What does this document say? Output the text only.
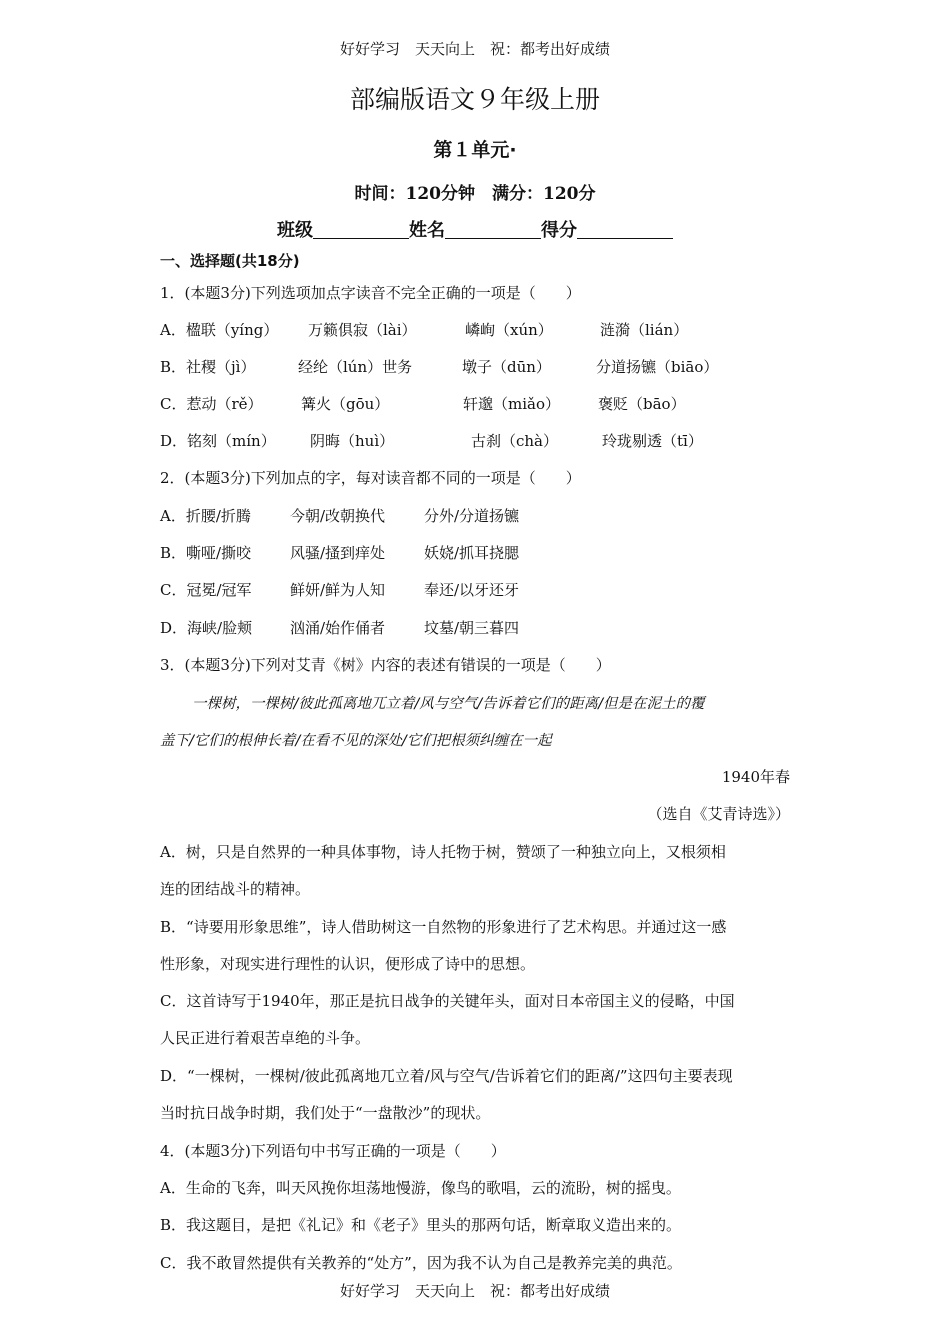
好好学习　天天向上　祝：都考出好成绩
部编版语文９年级上册
第１单元·
时间：120分钟　满分：120分
班级	姓名	得分
一、选择题(共18分)
1．(本题3分)下列选项加点字读音不完全正确的一项是（　　）
A．楹联（yíng） 万籁俱寂（lài）	嶙峋（xún）	涟漪（lián）
B．社稷（jì）	经纶（lún）世务	墩子（dūn）	分道扬镳（biāo）
C．惹动（rě）	篝火（gōu）	轩邈（miǎo）	褒贬（bāo）
D．铭刻（mín） 阴晦（huì）	古刹（chà）	玲珑剔透（tī）
2．(本题3分)下列加点的字，每对读音都不同的一项是（　　）
A．折腰/折腾	今朝/改朝换代	分外/分道扬镳
B．嘶哑/撕咬	风骚/搔到痒处	妖娆/抓耳挠腮
C．冠冕/冠军	鲜妍/鲜为人知	奉还/以牙还牙
D．海峡/脸颊	汹涌/始作俑者	坟墓/朝三暮四
3．(本题3分)下列对艾青《树》内容的表述有错误的一项是（　　）
一棵树，一棵树/彼此孤离地兀立着/风与空气/告诉着它们的距离/但是在泥土的覆
盖下/它们的根伸长着/在看不见的深处/它们把根须纠缠在一起
1940年春
（选自《艾青诗选》）
A．树，只是自然界的一种具体事物，诗人托物于树，赞颂了一种独立向上，又根须相
连的团结战斗的精神。
B．“诗要用形象思维”，诗人借助树这一自然物的形象进行了艺术构思。并通过这一感
性形象，对现实进行理性的认识，便形成了诗中的思想。
C．这首诗写于1940年，那正是抗日战争的关键年头，面对日本帝国主义的侵略，中国
人民正进行着艰苦卓绝的斗争。
D．“一棵树，一棵树/彼此孤离地兀立着/风与空气/告诉着它们的距离/”这四句主要表现
当时抗日战争时期，我们处于“一盘散沙”的现状。
4．(本题3分)下列语句中书写正确的一项是（　　）
A．生命的飞奔，叫天风挽你坦荡地慢游，像鸟的歌唱，云的流盼，树的摇曳。
B．我这题目，是把《礼记》和《老子》里头的那两句话，断章取义造出来的。
C．我不敢冒然提供有关教养的“处方”，因为我不认为自己是教养完美的典范。
好好学习　天天向上　祝：都考出好成绩
